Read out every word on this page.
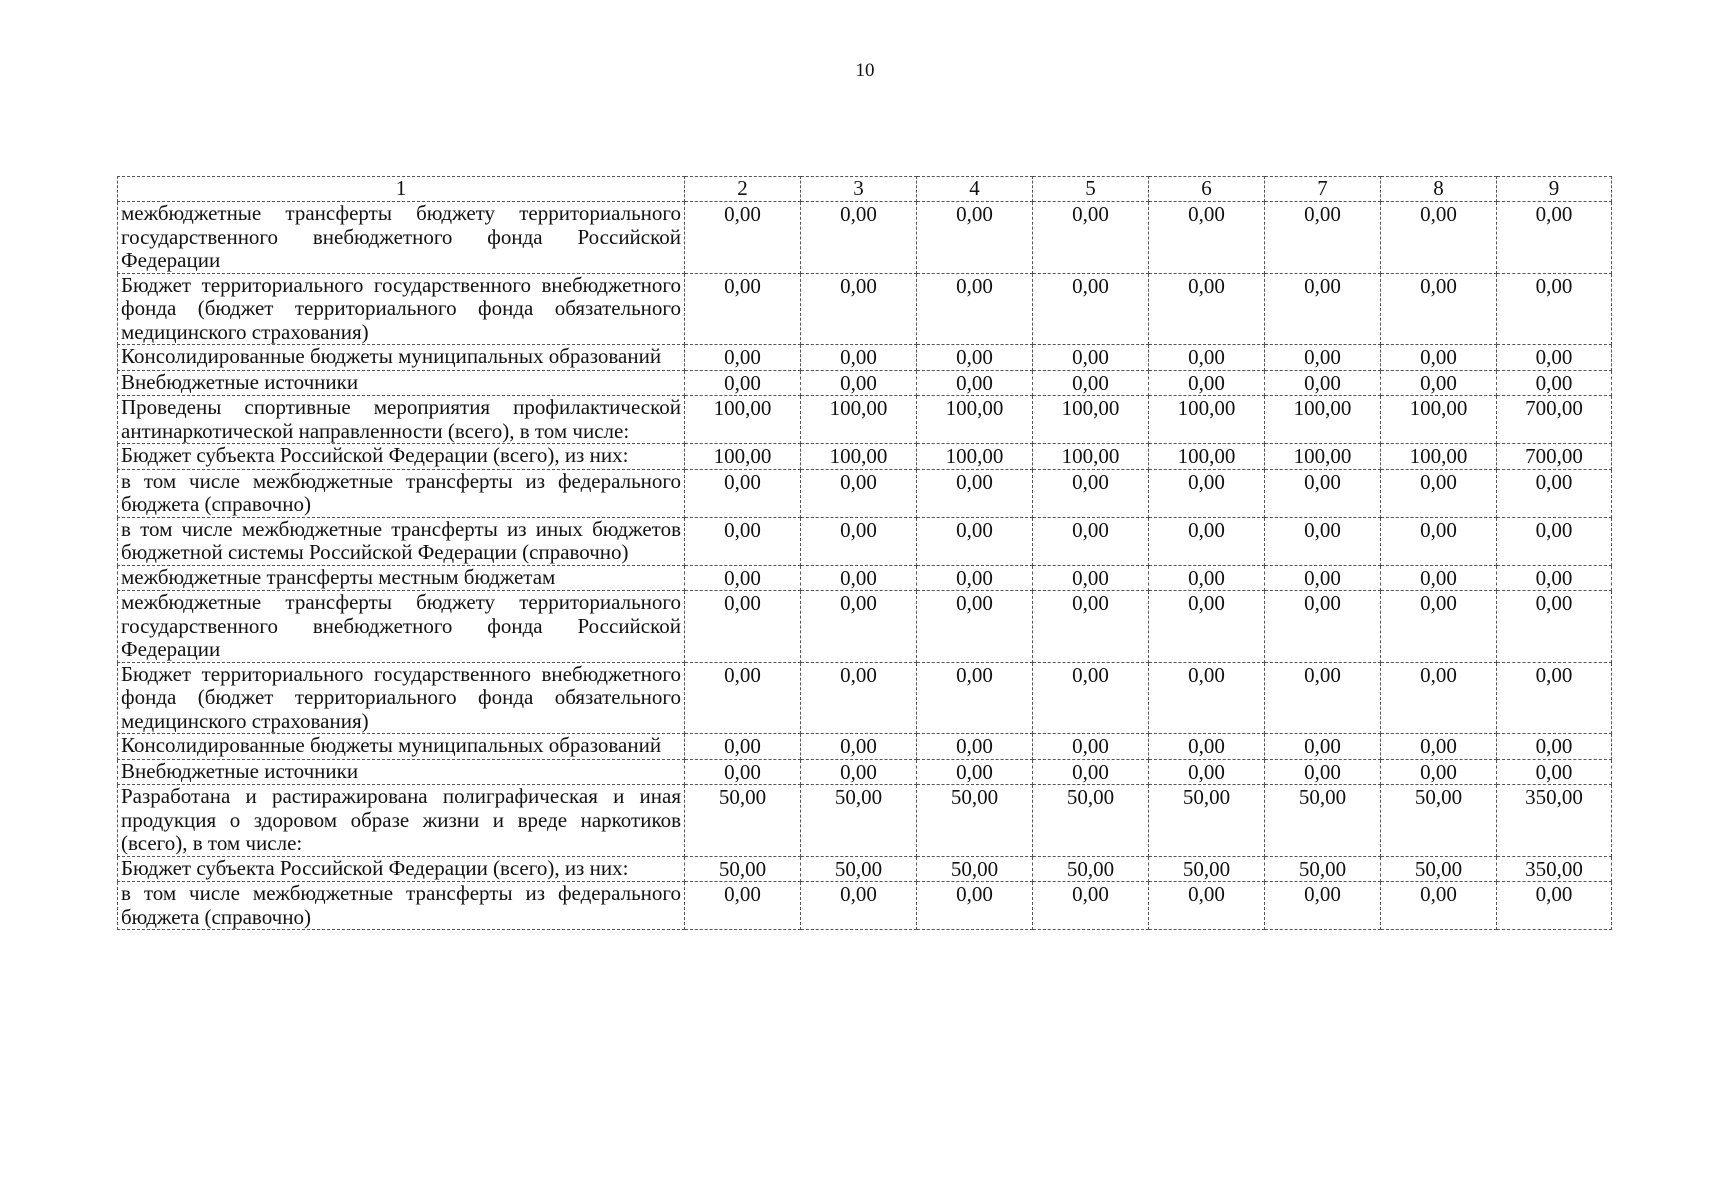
10
1	2	3	4	5	6	7	8	9
межбюджетные трансферты бюджету территориального государственного внебюджетного фонда Российской Федерации	0,00	0,00	0,00	0,00	0,00	0,00	0,00	0,00
Бюджет территориального государственного внебюджетного фонда (бюджет территориального фонда обязательного медицинского страхования)	0,00	0,00	0,00	0,00	0,00	0,00	0,00	0,00
Консолидированные бюджеты муниципальных образований	0,00	0,00	0,00	0,00	0,00	0,00	0,00	0,00
Внебюджетные источники	0,00	0,00	0,00	0,00	0,00	0,00	0,00	0,00
Проведены спортивные мероприятия профилактической антинаркотической направленности (всего), в том числе:	100,00	100,00	100,00	100,00	100,00	100,00	100,00	700,00
Бюджет субъекта Российской Федерации (всего), из них:	100,00	100,00	100,00	100,00	100,00	100,00	100,00	700,00
в том числе межбюджетные трансферты из федерального бюджета (справочно)	0,00	0,00	0,00	0,00	0,00	0,00	0,00	0,00
в том числе межбюджетные трансферты из иных бюджетов бюджетной системы Российской Федерации (справочно)	0,00	0,00	0,00	0,00	0,00	0,00	0,00	0,00
межбюджетные трансферты местным бюджетам	0,00	0,00	0,00	0,00	0,00	0,00	0,00	0,00
межбюджетные трансферты бюджету территориального государственного внебюджетного фонда Российской Федерации	0,00	0,00	0,00	0,00	0,00	0,00	0,00	0,00
Бюджет территориального государственного внебюджетного фонда (бюджет территориального фонда обязательного медицинского страхования)	0,00	0,00	0,00	0,00	0,00	0,00	0,00	0,00
Консолидированные бюджеты муниципальных образований	0,00	0,00	0,00	0,00	0,00	0,00	0,00	0,00
Внебюджетные источники	0,00	0,00	0,00	0,00	0,00	0,00	0,00	0,00
Разработана и растиражирована полиграфическая и иная продукция о здоровом образе жизни и вреде наркотиков (всего), в том числе:	50,00	50,00	50,00	50,00	50,00	50,00	50,00	350,00
Бюджет субъекта Российской Федерации (всего), из них:	50,00	50,00	50,00	50,00	50,00	50,00	50,00	350,00
в том числе межбюджетные трансферты из федерального бюджета (справочно)	0,00	0,00	0,00	0,00	0,00	0,00	0,00	0,00
